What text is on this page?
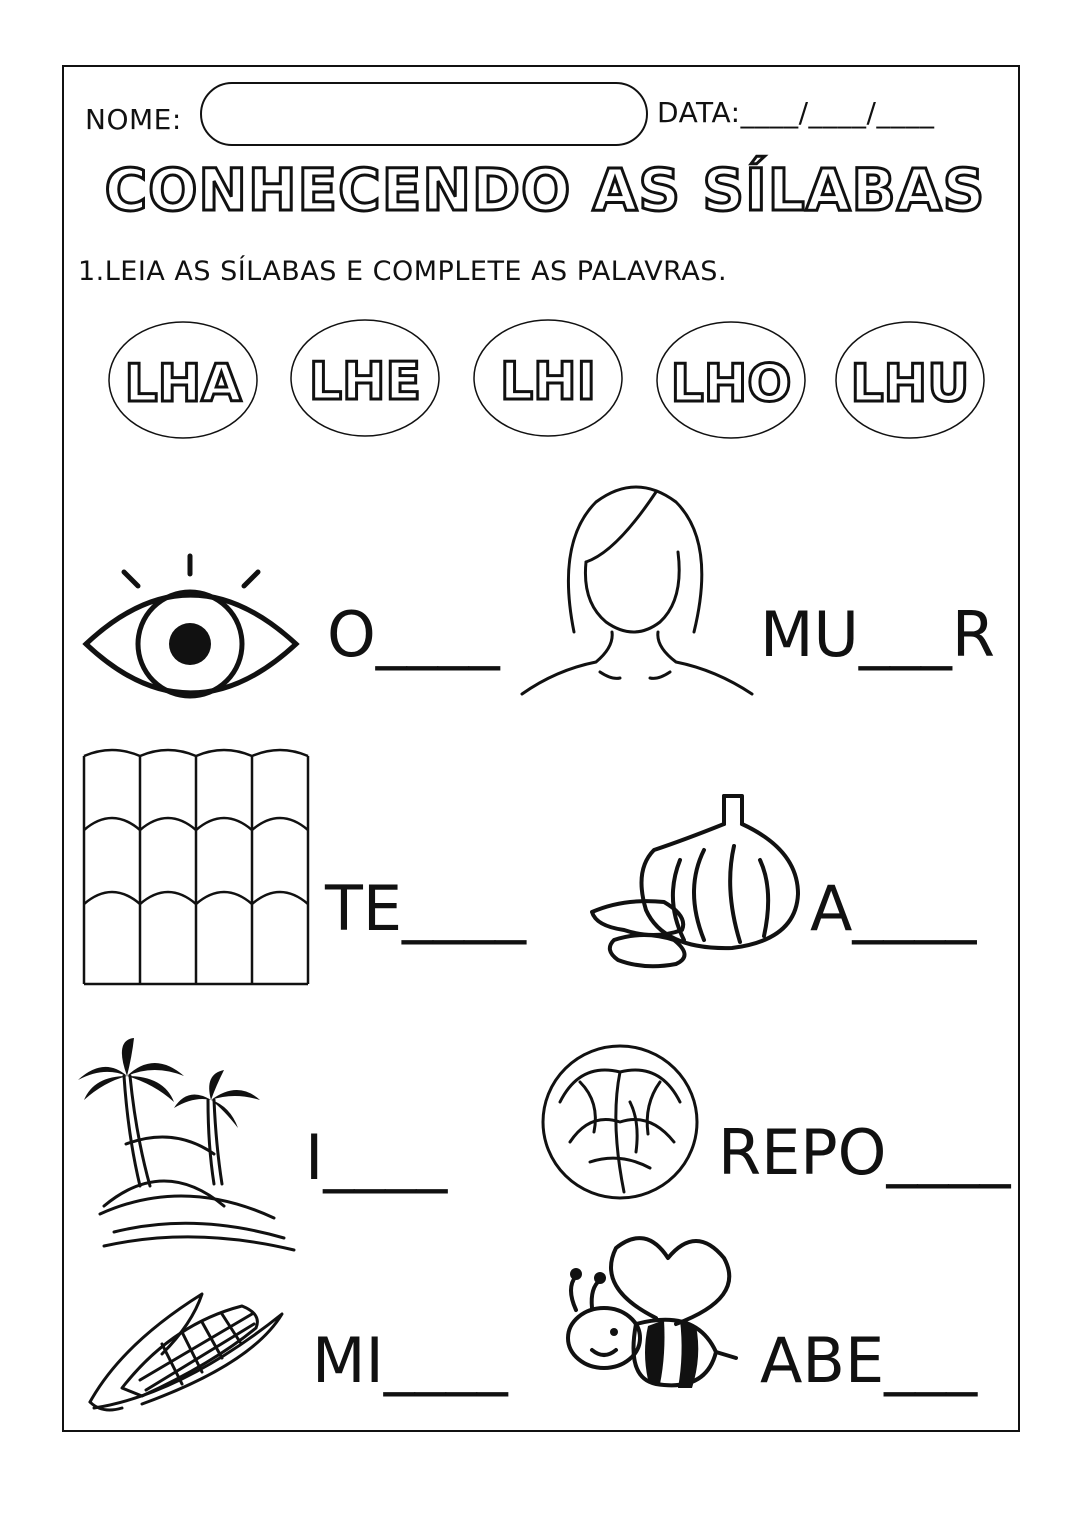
NOME:	DATA:____/____/____
CONHECENDO AS SÍLABAS
1.LEIA AS SÍLABAS E COMPLETE AS PALAVRAS.
LHA LHE LHI LHO LHU
O____	MU___R
TE____	A____
I____	REPO____
MI____	ABE___
